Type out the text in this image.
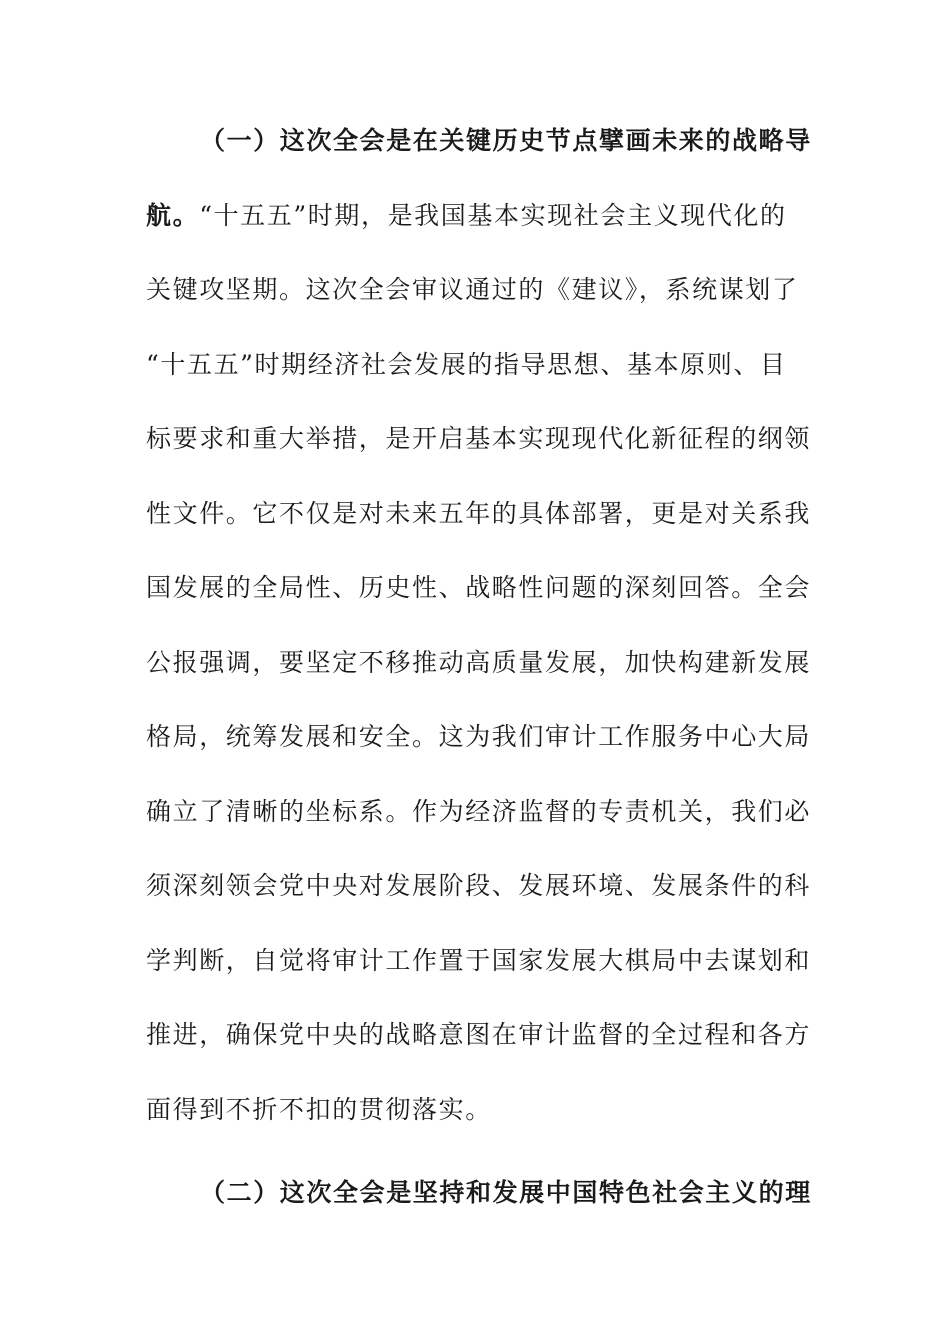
（一）这次全会是在关键历史节点擘画未来的战略导
航。“十五五”时期，是我国基本实现社会主义现代化的
关键攻坚期。这次全会审议通过的《建议》，系统谋划了
“十五五”时期经济社会发展的指导思想、基本原则、目
标要求和重大举措，是开启基本实现现代化新征程的纲领
性文件。它不仅是对未来五年的具体部署，更是对关系我
国发展的全局性、历史性、战略性问题的深刻回答。全会
公报强调，要坚定不移推动高质量发展，加快构建新发展
格局，统筹发展和安全。这为我们审计工作服务中心大局
确立了清晰的坐标系。作为经济监督的专责机关，我们必
须深刻领会党中央对发展阶段、发展环境、发展条件的科
学判断，自觉将审计工作置于国家发展大棋局中去谋划和
推进，确保党中央的战略意图在审计监督的全过程和各方
面得到不折不扣的贯彻落实。
（二）这次全会是坚持和发展中国特色社会主义的理
